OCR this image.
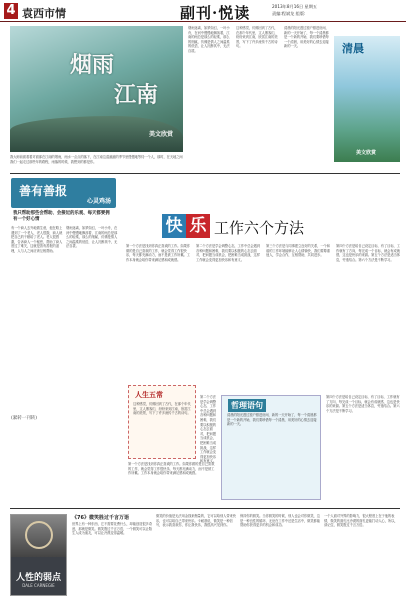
4 袁西市情	副刊·悦读	2013年8月16日 星期五
责编:程斌龙 组版:
烟雨
江南
美文欣赏
我大师前面看着对面那在江南的烟雨，雨水一点点的落下，在江南这湿漉漉的季节里慢慢地等待一个人，那时，在天地之间我们一起走过那些年的路程，雨落的时候，我想到的都是你。
烟雨迷离，如梦如幻，一叶小舟，在河中慢慢地飘荡着，江南的雨总是那么的轻柔，那么的细腻，仿佛是情人之间温柔的低语，让人沉醉其中，无法自拔。
这种感觉，仿佛回到了古代，在那个年代里，文人墨客们，纷纷来到江南，欣赏江南的美景，写下了许多流传千古的诗句。
清晨的阳光透过窗户照进房间，新的一天开始了，每一个清晨都是一个新的开始，我们要珍惜每一个清晨，用美好的心情去迎接新的一天。	清晨
美文欣赏
善有善报
心灵鸡汤
我只帮助那些会帮助、会接近的乐观、每天都要拥有一个好心情
有一个商人去外地做生意，他在路上遇到了一个老人，老人很饿，商人就把自己的干粮给了老人。老人很感激，告诉商人一个秘密，帮助了商人度过了难关，这就是善有善报的道理，人与人之间应该互相帮助。
烟雨迷离，如梦如幻，一叶小舟，在河中慢慢地飘荡着，江南的雨总是那么的轻柔，那么的细腻，仿佛是情人之间温柔的低语，让人沉醉其中，无法自拔。
(紧转一刊转)
快 乐 工作六个方法
第一个方法是找到你真正喜欢的工作。如果你做的是自己喜欢的工作，就会觉得工作很快乐，每天都充满动力，而不是被工作所累。工作本身就会给你带来满足感和成就感。
第二个方法是学会调整心态，工作中总会遇到各种问题和困难，我们要以积极的心态去面对，把问题当成机会，把困难当成挑战，这样工作就会变得更加快乐和有意义。
第三个方法是与同事建立良好的关系，一个和谐的工作环境能够让人心情愉快，我们要尊重他人，学会合作，互相帮助，共同进步。
第四个方法是给自己设定目标，有了目标，工作就有了方向，每完成一个目标，就会有成就感，这也是快乐的来源。第五个方法是适当休息，劳逸结合。第六个方法是不断学习。
人生五常
这种感觉，仿佛回到了古代，在那个年代里，文人墨客们，纷纷来到江南，欣赏江南的美景，写下了许多流传千古的诗句。
第一个方法是找到你真正喜欢的工作。如果你做的是自己喜欢的工作，就会觉得工作很快乐，每天都充满动力，而不是被工作所累。工作本身就会给你带来满足感和成就感。
第二个方法是学会调整心态，工作中总会遇到各种问题和困难，我们要以积极的心态去面对，把问题当成机会，把困难当成挑战，这样工作就会变得更加快乐和有意义。
哲理语句
清晨的阳光透过窗户照进房间，新的一天开始了，每一个清晨都是一个新的开始，我们要珍惜每一个清晨，用美好的心情去迎接新的一天。
第四个方法是给自己设定目标，有了目标，工作就有了方向，每完成一个目标，就会有成就感，这也是快乐的来源。第五个方法是适当休息，劳逸结合。第六个方法是不断学习。
人性的弱点
DALE CARNEGIE
《76》微笑胜过千言万语
世界上有一种东西，它不需要花费什么，却能创造很多奇迹，那就是微笑。微笑胜过千言万语，一个微笑可以让陌生人成为朋友，可以让冷漠变得温暖。
微笑的价值是无法用金钱来衡量的，它可以给别人带来快乐，也可以给自己带来快乐。卡耐基说，微笑是一种信号，表示我喜欢你，你让我快乐，我很高兴见到你。
保持你的微笑。当你微笑的时候，别人也会对你微笑，这是一种良性的循环，无论在工作中还是生活中，微笑都能帮助你获得更多的机会和成功。
一个人面对外界的影响力，很大程度上在于他的表情，微笑的面孔比冷漠的面孔更能打动人心，所以，请记住，微笑胜过千言万语。
